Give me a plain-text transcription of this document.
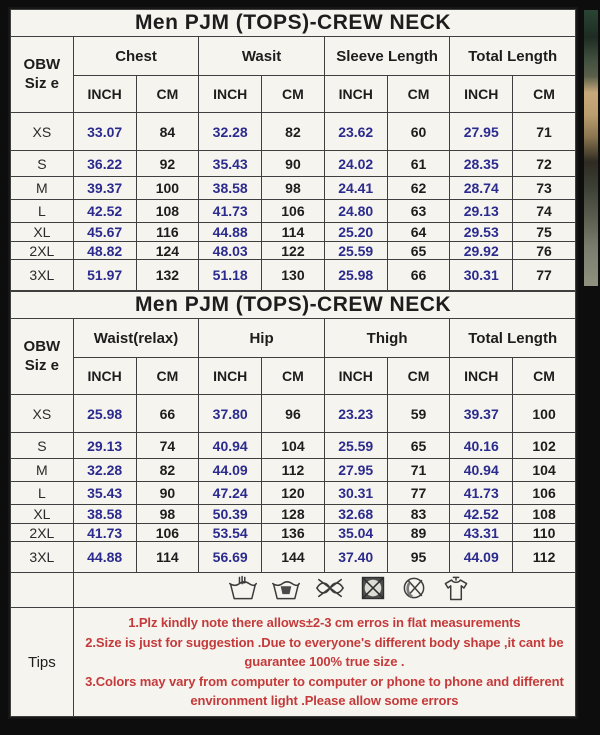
Men PJM (TOPS)-CREW NECK								
OBW
Siz e	Chest		Wasit		Sleeve Length		Total Length	
	INCH	CM	INCH	CM	INCH	CM	INCH	CM
XS	33.07	84	32.28	82	23.62	60	27.95	71
S	36.22	92	35.43	90	24.02	61	28.35	72
M	39.37	100	38.58	98	24.41	62	28.74	73
L	42.52	108	41.73	106	24.80	63	29.13	74
XL	45.67	116	44.88	114	25.20	64	29.53	75
2XL	48.82	124	48.03	122	25.59	65	29.92	76
3XL	51.97	132	51.18	130	25.98	66	30.31	77
Men PJM (TOPS)-CREW NECK								
OBW
Siz e	Waist(relax)		Hip		Thigh		Total Length	
	INCH	CM	INCH	CM	INCH	CM	INCH	CM
XS	25.98	66	37.80	96	23.23	59	39.37	100
S	29.13	74	40.94	104	25.59	65	40.16	102
M	32.28	82	44.09	112	27.95	71	40.94	104
L	35.43	90	47.24	120	30.31	77	41.73	106
XL	38.58	98	50.39	128	32.68	83	42.52	108
2XL	41.73	106	53.54	136	35.04	89	43.31	110
3XL	44.88	114	56.69	144	37.40	95	44.09	112

Tips	1.Plz kindly note there allows±2-3 cm erros in flat measurements
2.Size is just for suggestion .Due to everyone's different body shape ,it cant be guarantee 100% true size .
3.Colors may vary from computer to computer or phone to phone and different environment light .Please allow some errors							
